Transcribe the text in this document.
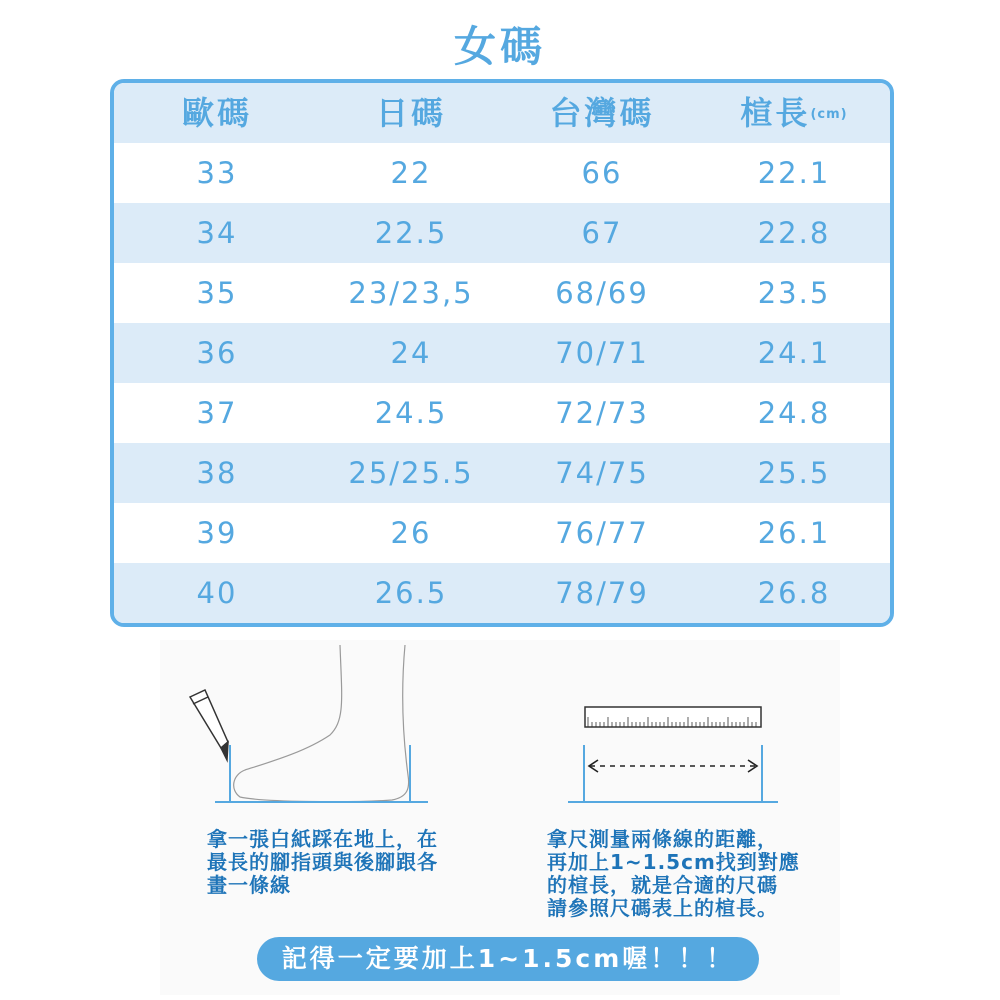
女碼
歐碼	日碼	台灣碼	楦長(cm)
33	22	66	22.1
34	22.5	67	22.8
35	23/23,5	68/69	23.5
36	24	70/71	24.1
37	24.5	72/73	24.8
38	25/25.5	74/75	25.5
39	26	76/77	26.1
40	26.5	78/79	26.8
拿一張白紙踩在地上，在
最長的腳指頭與後腳跟各
畫一條線
拿尺測量兩條線的距離，
再加上1~1.5cm找到對應
的楦長，就是合適的尺碼
請參照尺碼表上的楦長。
記得一定要加上1~1.5cm喔！！！
